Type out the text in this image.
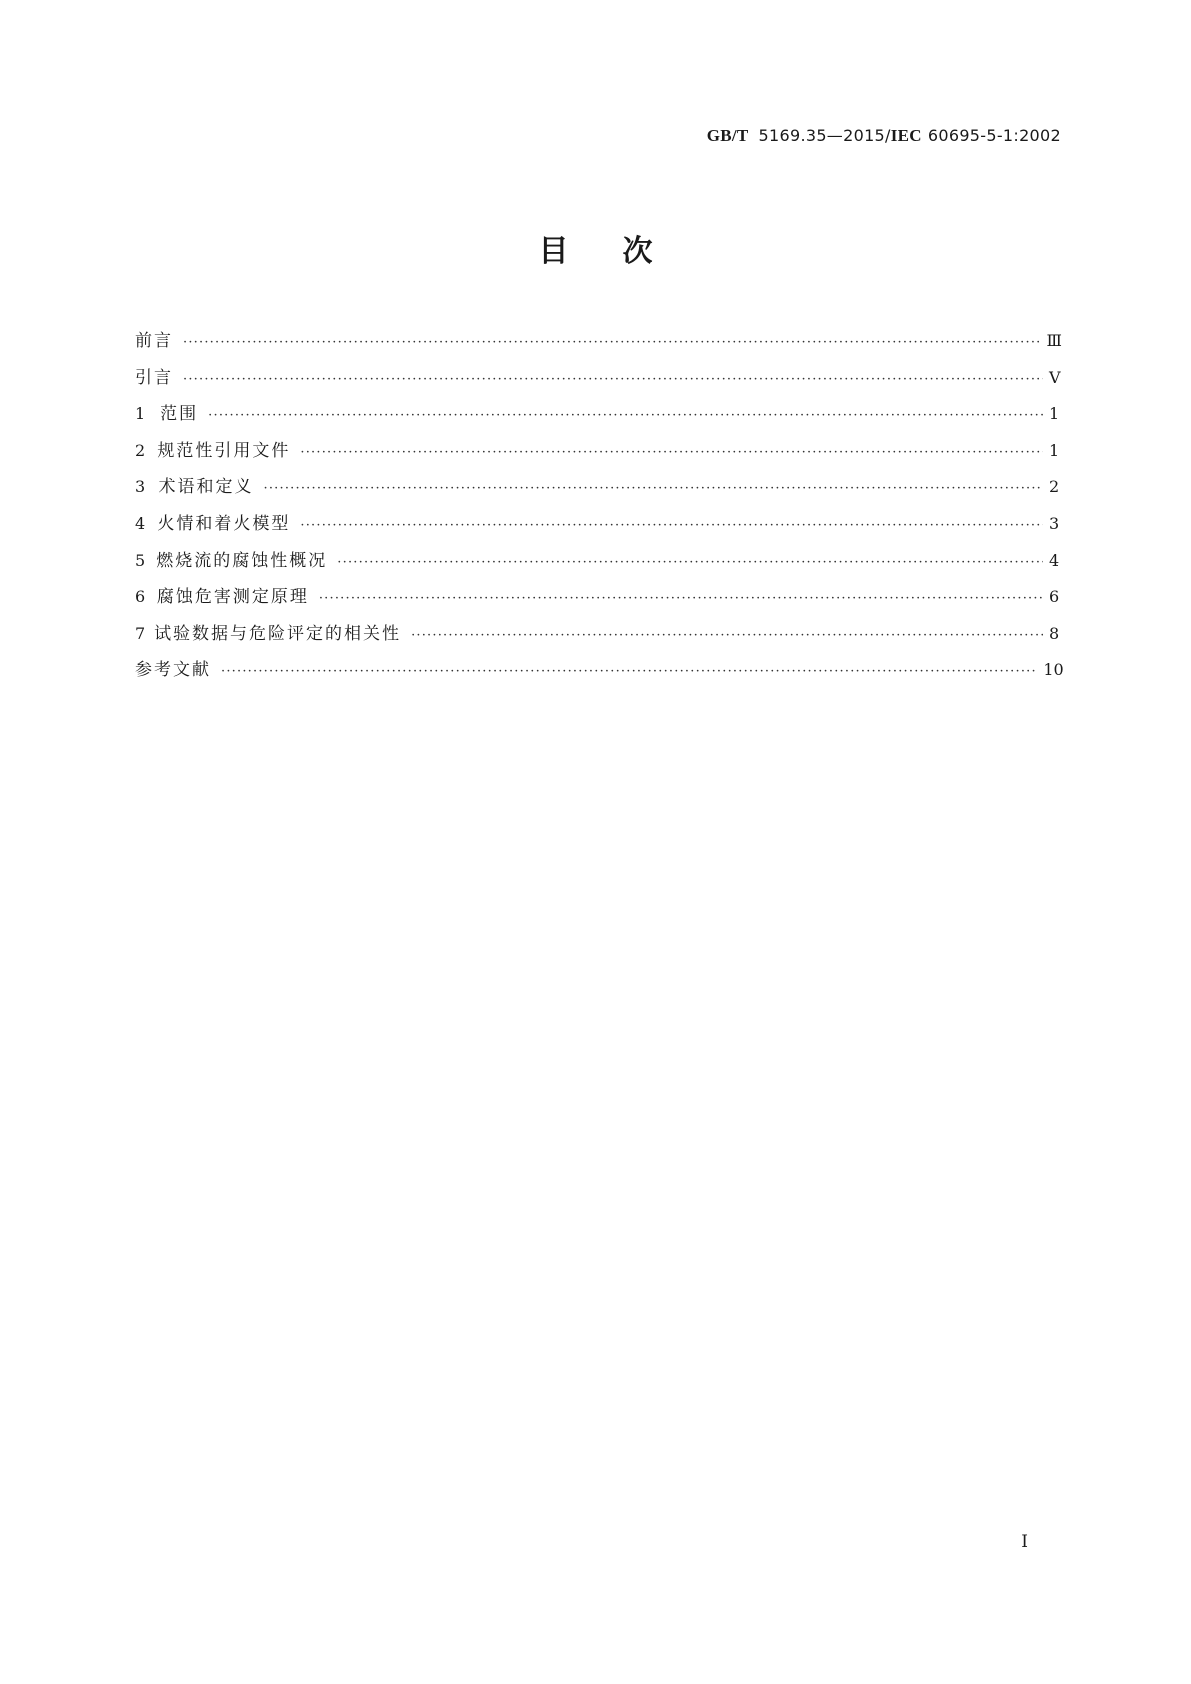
GB/T 5169.35—2015/IEC 60695-5-1:2002
目 次
前言 ·····	Ⅲ
引言 ·····	Ⅴ
1 范围 ·····	1
2 规范性引用文件 ·····	1
3 术语和定义 ·····	2
4 火情和着火模型 ·····	3
5 燃烧流的腐蚀性概况 ·····	4
6 腐蚀危害测定原理 ·····	6
7 试验数据与危险评定的相关性 ·····	8
参考文献 ·····	10
Ⅰ
